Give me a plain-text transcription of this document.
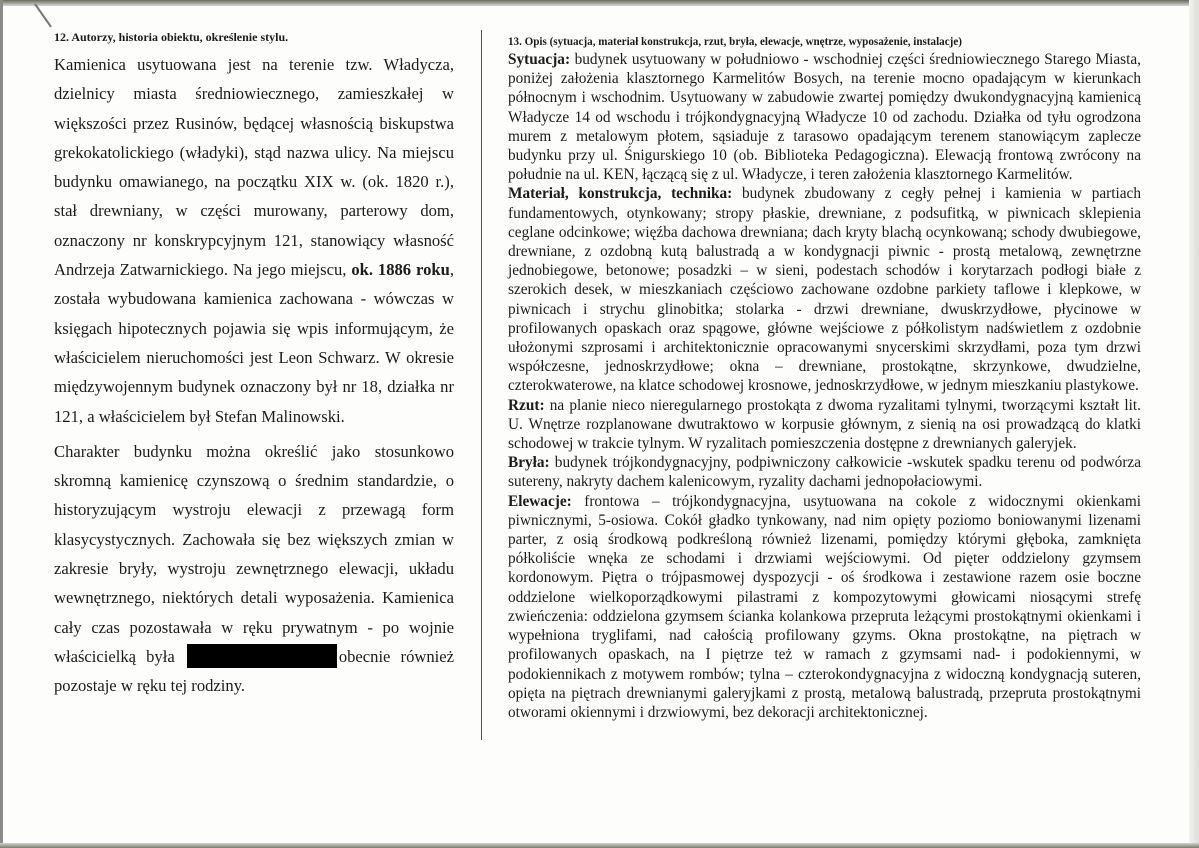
12. Autorzy, historia obiektu, określenie stylu.

Kamienica usytuowana jest na terenie tzw. Władycza, dzielnicy miasta średniowiecznego, zamieszkałej w większości przez Rusinów, będącej własnością biskupstwa grekokatolickiego (władyki), stąd nazwa ulicy. Na miejscu budynku omawianego, na początku XIX w. (ok. 1820 r.), stał drewniany, w części murowany, parterowy dom, oznaczony nr konskrypcyjnym 121, stanowiący własność Andrzeja Zatwarnickiego. Na jego miejscu, ok. 1886 roku, została wybudowana kamienica zachowana - wówczas w księgach hipotecznych pojawia się wpis informującym, że właścicielem nieruchomości jest Leon Schwarz. W okresie międzywojennym budynek oznaczony był nr 18, działka nr 121, a właścicielem był Stefan Malinowski.

Charakter budynku można określić jako stosunkowo skromną kamienicę czynszową o średnim standardzie, o historyzującym wystroju elewacji z przewagą form klasycystycznych. Zachowała się bez większych zmian w zakresie bryły, wystroju zewnętrznego elewacji, układu wewnętrznego, niektórych detali wyposażenia. Kamienica cały czas pozostawała w ręku prywatnym - po wojnie właścicielką była	obecnie również pozostaje w ręku tej rodziny.

13. Opis (sytuacja, materiał konstrukcja, rzut, bryła, elewacje, wnętrze, wyposażenie, instalacje)

Sytuacja: budynek usytuowany w południowo - wschodniej części średniowiecznego Starego Miasta, poniżej założenia klasztornego Karmelitów Bosych, na terenie mocno opadającym w kierunkach północnym i wschodnim. Usytuowany w zabudowie zwartej pomiędzy dwukondygnacyjną kamienicą Władycze 14 od wschodu i trójkondygnacyjną Władycze 10 od zachodu. Działka od tyłu ogrodzona murem z metalowym płotem, sąsiaduje z tarasowo opadającym terenem stanowiącym zaplecze budynku przy ul. Śnigurskiego 10 (ob. Biblioteka Pedagogiczna). Elewacją frontową zwrócony na południe na ul. KEN, łączącą się z ul. Władycze, i teren założenia klasztornego Karmelitów.

Materiał, konstrukcja, technika: budynek zbudowany z cegły pełnej i kamienia w partiach fundamentowych, otynkowany; stropy płaskie, drewniane, z podsufitką, w piwnicach sklepienia ceglane odcinkowe; więźba dachowa drewniana; dach kryty blachą ocynkowaną; schody dwubiegowe, drewniane, z ozdobną kutą balustradą a w kondygnacji piwnic - prostą metalową, zewnętrzne jednobiegowe, betonowe; posadzki – w sieni, podestach schodów i korytarzach podłogi białe z szerokich desek, w mieszkaniach częściowo zachowane ozdobne parkiety taflowe i klepkowe, w piwnicach i strychu glinobitka; stolarka - drzwi drewniane, dwuskrzydłowe, płycinowe w profilowanych opaskach oraz spągowe, główne wejściowe z półkolistym nadświetlem z ozdobnie ułożonymi szprosami i architektonicznie opracowanymi snycerskimi skrzydłami, poza tym drzwi współczesne, jednoskrzydłowe; okna – drewniane, prostokątne, skrzynkowe, dwudzielne, czterokwaterowe, na klatce schodowej krosnowe, jednoskrzydłowe, w jednym mieszkaniu plastykowe.

Rzut: na planie nieco nieregularnego prostokąta z dwoma ryzalitami tylnymi, tworzącymi kształt lit. U. Wnętrze rozplanowane dwutraktowo w korpusie głównym, z sienią na osi prowadzącą do klatki schodowej w trakcie tylnym. W ryzalitach pomieszczenia dostępne z drewnianych galeryjek.

Bryła: budynek trójkondygnacyjny, podpiwniczony całkowicie -wskutek spadku terenu od podwórza sutereny, nakryty dachem kalenicowym, ryzality dachami jednopołaciowymi.

Elewacje: frontowa – trójkondygnacyjna, usytuowana na cokole z widocznymi okienkami piwnicznymi, 5-osiowa. Cokół gładko tynkowany, nad nim opięty poziomo boniowanymi lizenami parter, z osią środkową podkreśloną również lizenami, pomiędzy którymi głęboka, zamknięta półkoliście wnęka ze schodami i drzwiami wejściowymi. Od pięter oddzielony gzymsem kordonowym. Piętra o trójpasmowej dyspozycji - oś środkowa i zestawione razem osie boczne oddzielone wielkoporządkowymi pilastrami z kompozytowymi głowicami niosącymi strefę zwieńczenia: oddzielona gzymsem ścianka kolankowa przepruta leżącymi prostokątnymi okienkami i wypełniona tryglifami, nad całością profilowany gzyms. Okna prostokątne, na piętrach w profilowanych opaskach, na I piętrze też w ramach z gzymsami nad- i podokiennymi, w podokiennikach z motywem rombów; tylna – czterokondygnacyjna z widoczną kondygnacją suteren, opięta na piętrach drewnianymi galeryjkami z prostą, metalową balustradą, przepruta prostokątnymi otworami okiennymi i drzwiowymi, bez dekoracji architektonicznej.
